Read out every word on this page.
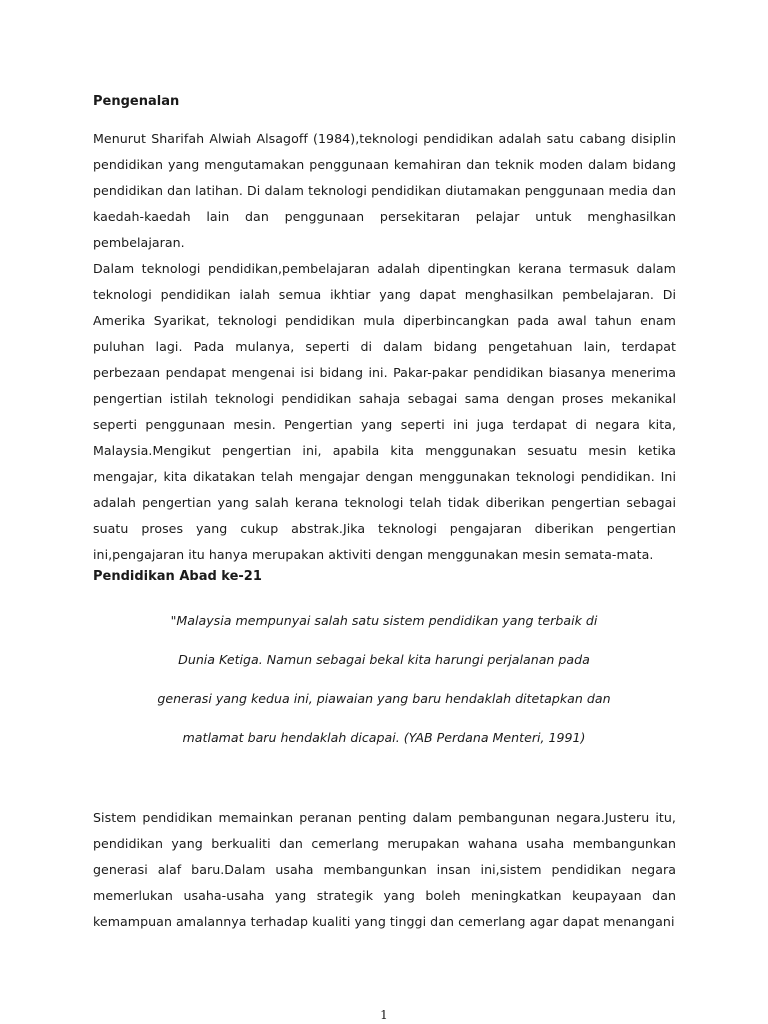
Pengenalan

Menurut Sharifah Alwiah Alsagoff (1984),teknologi pendidikan adalah satu cabang disiplin pendidikan yang mengutamakan penggunaan kemahiran dan teknik moden dalam bidang pendidikan dan latihan. Di dalam teknologi pendidikan diutamakan penggunaan media dan kaedah-kaedah lain dan penggunaan persekitaran pelajar untuk menghasilkan pembelajaran.

Dalam teknologi pendidikan,pembelajaran adalah dipentingkan kerana termasuk dalam teknologi pendidikan ialah semua ikhtiar yang dapat menghasilkan pembelajaran. Di Amerika Syarikat, teknologi pendidikan mula diperbincangkan pada awal tahun enam puluhan lagi. Pada mulanya, seperti di dalam bidang pengetahuan lain, terdapat perbezaan pendapat mengenai isi bidang ini. Pakar-pakar pendidikan biasanya menerima pengertian istilah teknologi pendidikan sahaja sebagai sama dengan proses mekanikal seperti penggunaan mesin. Pengertian yang seperti ini juga terdapat di negara kita, Malaysia.Mengikut pengertian ini, apabila kita menggunakan sesuatu mesin ketika mengajar, kita dikatakan telah mengajar dengan menggunakan teknologi pendidikan. Ini adalah pengertian yang salah kerana teknologi telah tidak diberikan pengertian sebagai suatu proses yang cukup abstrak.Jika teknologi pengajaran diberikan pengertian ini,pengajaran itu hanya merupakan aktiviti dengan menggunakan mesin semata-mata.

Pendidikan Abad ke-21

"Malaysia mempunyai salah satu sistem pendidikan yang terbaik di Dunia Ketiga. Namun sebagai bekal kita harungi perjalanan pada generasi yang kedua ini, piawaian yang baru hendaklah ditetapkan dan matlamat baru hendaklah dicapai. (YAB Perdana Menteri, 1991)

Sistem pendidikan memainkan peranan penting dalam pembangunan negara.Justeru itu, pendidikan yang berkualiti dan cemerlang merupakan wahana usaha membangunkan generasi alaf baru.Dalam usaha membangunkan insan ini,sistem pendidikan negara memerlukan usaha-usaha yang strategik yang boleh meningkatkan keupayaan dan kemampuan amalannya terhadap kualiti yang tinggi dan cemerlang agar dapat menangani

1
